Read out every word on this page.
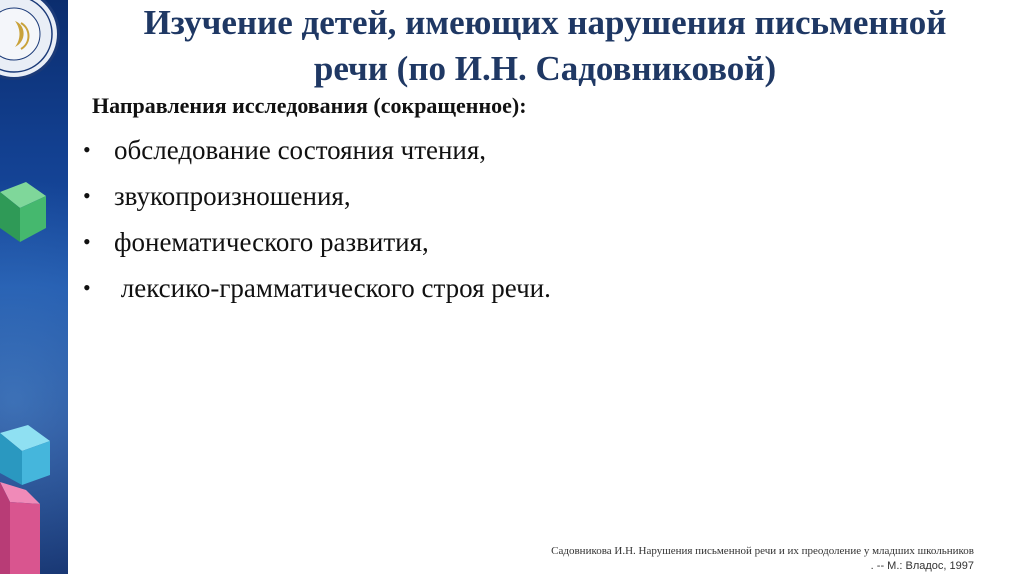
Изучение детей, имеющих нарушения письменной
речи (по И.Н. Садовниковой)
Направления исследования (сокращенное):
• обследование состояния чтения,
• звукопроизношения,
• фонематического развития,
• лексико-грамматического строя речи.
Садовникова И.Н. Нарушения письменной речи и их преодоление у младших школьников
. -- М.: Владос, 1997
